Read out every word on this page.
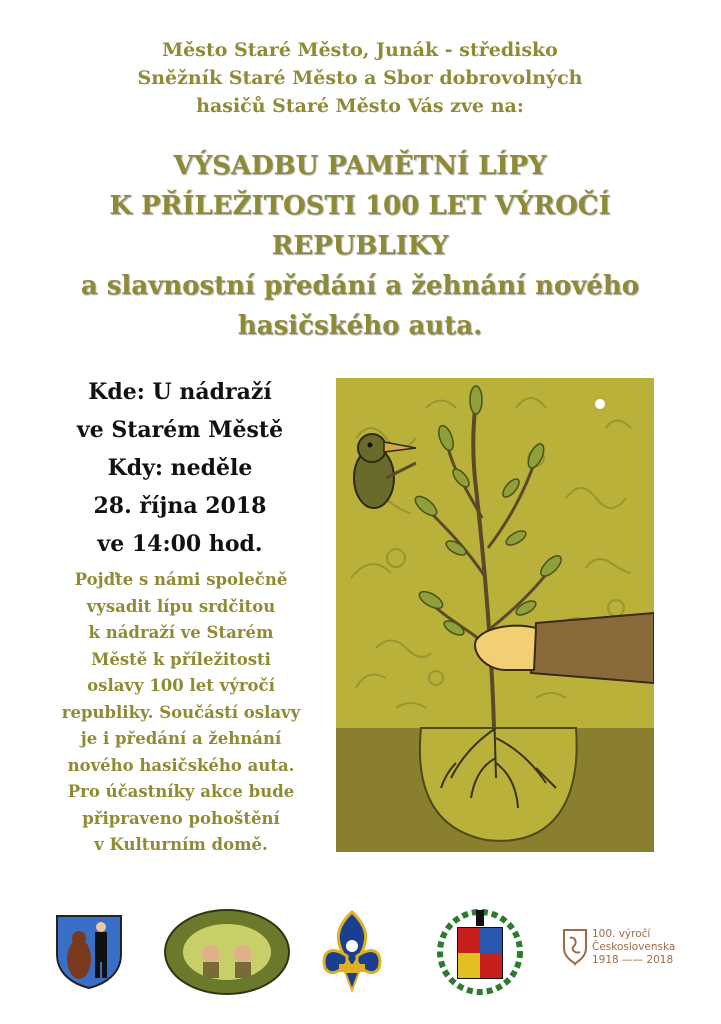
Město Staré Město, Junák - středisko
Sněžník Staré Město a Sbor dobrovolných
hasičů Staré Město Vás zve na:
VÝSADBU PAMĚTNÍ LÍPY
K PŘÍLEŽITOSTI 100 LET VÝROČÍ
REPUBLIKY
a slavnostní předání a žehnání nového
hasičského auta.
Kde: U nádraží
ve Starém Městě
Kdy: neděle
28. října 2018
ve 14:00 hod.
Pojďte s námi společně
vysadit lípu srdčitou
k nádraží ve Starém
Městě k příležitosti
oslavy 100 let výročí
republiky. Součástí oslavy
je i předání a žehnání
nového hasičského auta.
Pro účastníky akce bude
připraveno pohoštění
v Kulturním domě.
100. výročí
Československa
1918 —— 2018
